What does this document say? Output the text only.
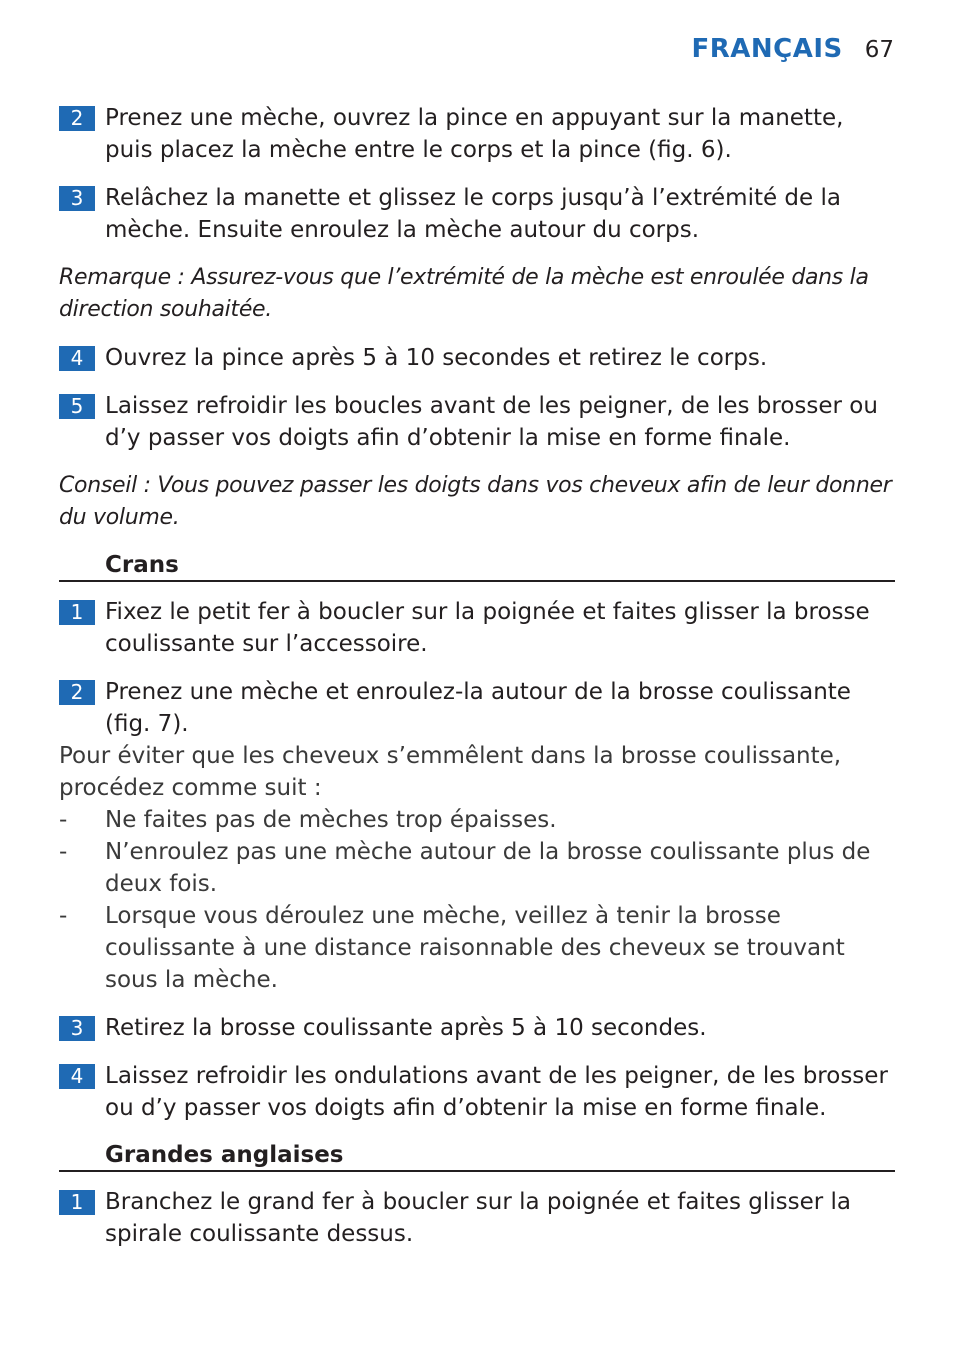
FRANÇAIS 67
2 Prenez une mèche, ouvrez la pince en appuyant sur la manette, puis placez la mèche entre le corps et la pince (fig. 6).
3 Relâchez la manette et glissez le corps jusqu’à l’extrémité de la mèche. Ensuite enroulez la mèche autour du corps.
Remarque : Assurez-vous que l’extrémité de la mèche est enroulée dans la direction souhaitée.
4 Ouvrez la pince après 5 à 10 secondes et retirez le corps.
5 Laissez refroidir les boucles avant de les peigner, de les brosser ou d’y passer vos doigts afin d’obtenir la mise en forme finale.
Conseil : Vous pouvez passer les doigts dans vos cheveux afin de leur donner du volume.
Crans
1 Fixez le petit fer à boucler sur la poignée et faites glisser la brosse coulissante sur l’accessoire.
2 Prenez une mèche et enroulez-la autour de la brosse coulissante (fig. 7).
Pour éviter que les cheveux s’emmêlent dans la brosse coulissante, procédez comme suit :
- Ne faites pas de mèches trop épaisses.
- N’enroulez pas une mèche autour de la brosse coulissante plus de deux fois.
- Lorsque vous déroulez une mèche, veillez à tenir la brosse coulissante à une distance raisonnable des cheveux se trouvant sous la mèche.
3 Retirez la brosse coulissante après 5 à 10 secondes.
4 Laissez refroidir les ondulations avant de les peigner, de les brosser ou d’y passer vos doigts afin d’obtenir la mise en forme finale.
Grandes anglaises
1 Branchez le grand fer à boucler sur la poignée et faites glisser la spirale coulissante dessus.
